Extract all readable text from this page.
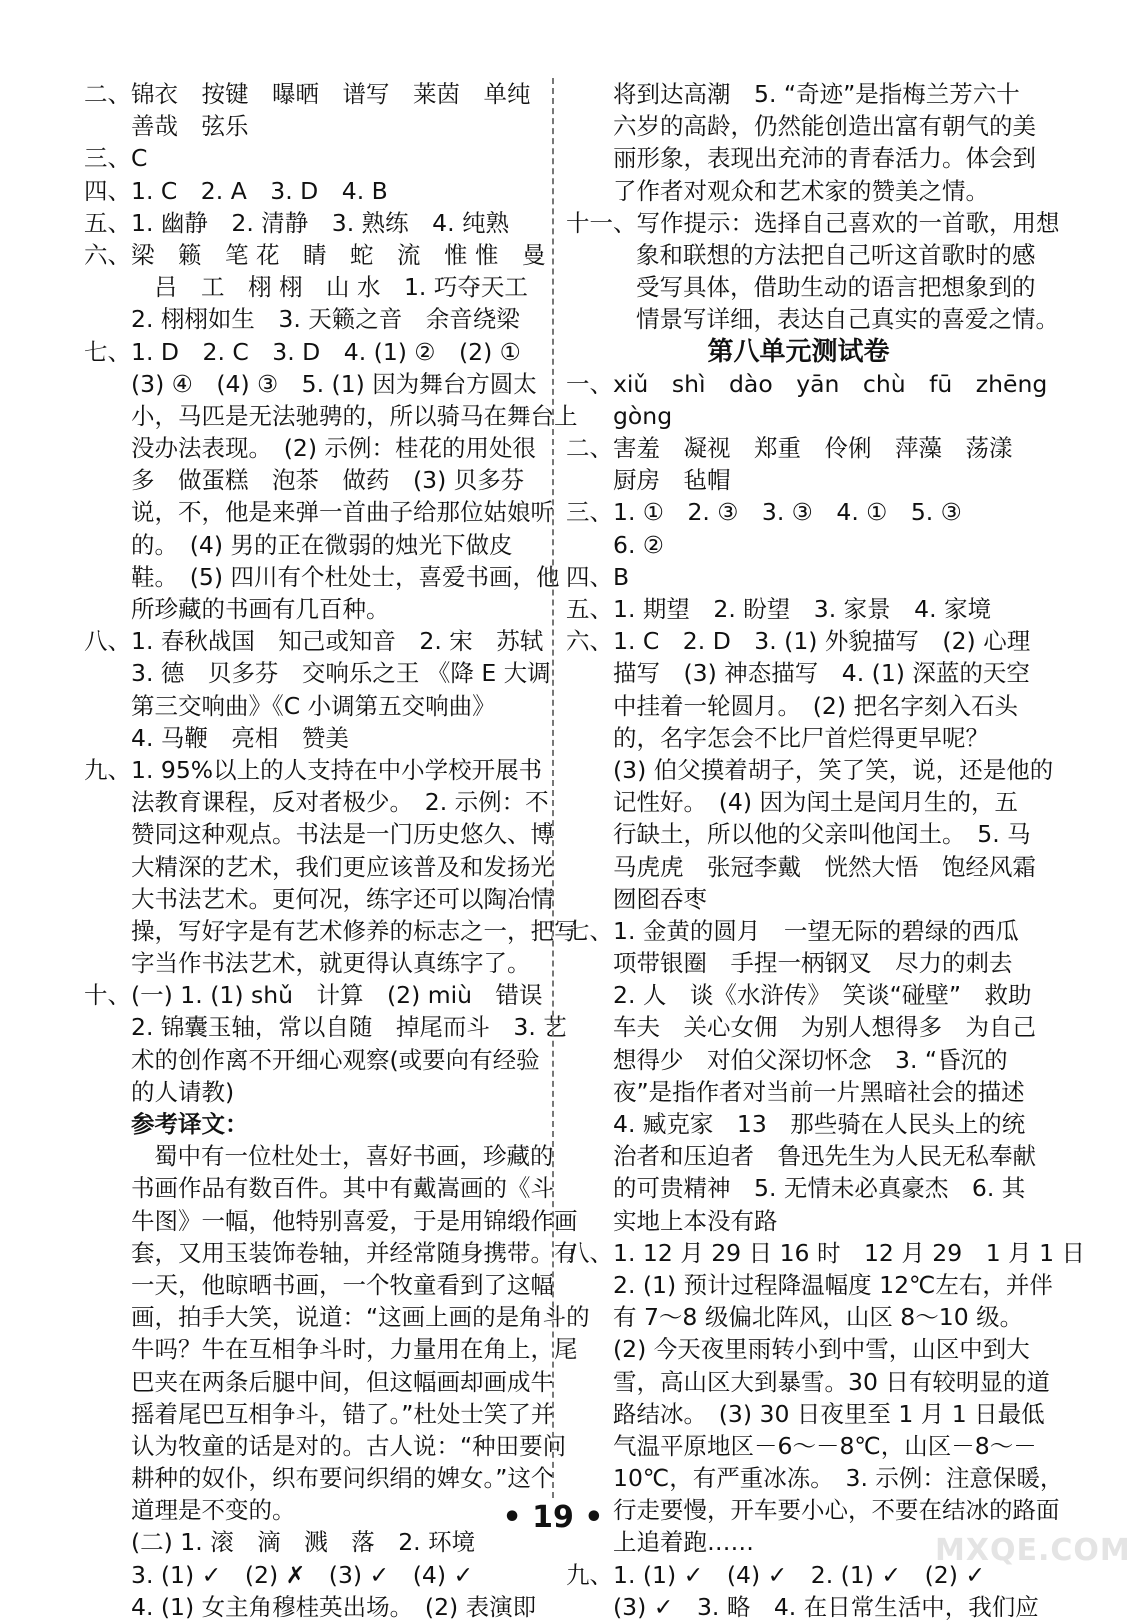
二、锦衣　按键　曝晒　谱写　莱茵　单纯
善哉　弦乐
三、C
四、1. C　2. A　3. D　4. B
五、1. 幽静　2. 清静　3. 熟练　4. 纯熟
六、梁　籁　笔 花　睛　蛇　流　惟 惟　曼
吕　工　栩 栩　山 水　1. 巧夺天工
2. 栩栩如生　3. 天籁之音　余音绕梁
七、1. D　2. C　3. D　4. (1) ②　(2) ①
(3) ④　(4) ③　5. (1) 因为舞台方圆太
小，马匹是无法驰骋的，所以骑马在舞台上
没办法表现。　(2) 示例：桂花的用处很
多　做蛋糕　泡茶　做药　(3) 贝多芬
说，不，他是来弹一首曲子给那位姑娘听
的。　(4) 男的正在微弱的烛光下做皮
鞋。　(5) 四川有个杜处士，喜爱书画，他
所珍藏的书画有几百种。
八、1. 春秋战国　知己或知音　2. 宋　苏轼
3. 德　贝多芬　交响乐之王 《降 E 大调
第三交响曲》《C 小调第五交响曲》
4. 马鞭　亮相　赞美
九、1. 95%以上的人支持在中小学校开展书
法教育课程，反对者极少。　2. 示例：不
赞同这种观点。书法是一门历史悠久、博
大精深的艺术，我们更应该普及和发扬光
大书法艺术。更何况，练字还可以陶冶情
操，写好字是有艺术修养的标志之一，把写
字当作书法艺术，就更得认真练字了。
十、(一) 1. (1) shǔ　计算　(2) miù　错误
2. 锦囊玉轴，常以自随　掉尾而斗　3. 艺
术的创作离不开细心观察(或要向有经验
的人请教)
参考译文：
蜀中有一位杜处士，喜好书画，珍藏的
书画作品有数百件。其中有戴嵩画的《斗
牛图》一幅，他特别喜爱，于是用锦缎作画
套，又用玉装饰卷轴，并经常随身携带。有
一天，他晾晒书画，一个牧童看到了这幅
画，拍手大笑，说道：“这画上画的是角斗的
牛吗？牛在互相争斗时，力量用在角上，尾
巴夹在两条后腿中间，但这幅画却画成牛
摇着尾巴互相争斗，错了。”杜处士笑了并
认为牧童的话是对的。古人说：“种田要问
耕种的奴仆，织布要问织绢的婢女。”这个
道理是不变的。
(二) 1. 滚　滴　溅　落　2. 环境
3. (1) ✓　(2) ✗　(3) ✓　(4) ✓
4. (1) 女主角穆桂英出场。　(2) 表演即
将到达高潮　5. “奇迹”是指梅兰芳六十
六岁的高龄，仍然能创造出富有朝气的美
丽形象，表现出充沛的青春活力。体会到
了作者对观众和艺术家的赞美之情。
十一、写作提示：选择自己喜欢的一首歌，用想
象和联想的方法把自己听这首歌时的感
受写具体，借助生动的语言把想象到的
情景写详细，表达自己真实的喜爱之情。
第八单元测试卷
一、xiǔ　shì　dào　yān　chù　fū　zhēng
gòng
二、害羞　凝视　郑重　伶俐　萍藻　荡漾
厨房　毡帽
三、1. ①　2. ③　3. ③　4. ①　5. ③
6. ②
四、B
五、1. 期望　2. 盼望　3. 家景　4. 家境
六、1. C　2. D　3. (1) 外貌描写　(2) 心理
描写　(3) 神态描写　4. (1) 深蓝的天空
中挂着一轮圆月。　(2) 把名字刻入石头
的，名字怎会不比尸首烂得更早呢？
(3) 伯父摸着胡子，笑了笑，说，还是他的
记性好。　(4) 因为闰土是闰月生的，五
行缺土，所以他的父亲叫他闰土。　5. 马
马虎虎　张冠李戴　恍然大悟　饱经风霜
囫囵吞枣
七、1. 金黄的圆月　一望无际的碧绿的西瓜
项带银圈　手捏一柄钢叉　尽力的刺去
2. 人　谈《水浒传》　笑谈“碰壁”　救助
车夫　关心女佣　为别人想得多　为自己
想得少　对伯父深切怀念　3. “昏沉的
夜”是指作者对当前一片黑暗社会的描述
4. 臧克家　13　那些骑在人民头上的统
治者和压迫者　鲁迅先生为人民无私奉献
的可贵精神　5. 无情未必真豪杰　6. 其
实地上本没有路
八、1. 12 月 29 日 16 时　12 月 29　1 月 1 日
2. (1) 预计过程降温幅度 12℃左右，并伴
有 7～8 级偏北阵风，山区 8～10 级。
(2) 今天夜里雨转小到中雪，山区中到大
雪，高山区大到暴雪。30 日有较明显的道
路结冰。　(3) 30 日夜里至 1 月 1 日最低
气温平原地区－6～－8℃，山区－8～－
10℃，有严重冰冻。　3. 示例：注意保暖，
行走要慢，开车要小心，不要在结冰的路面
上追着跑……
九、1. (1) ✓　(4) ✓　2. (1) ✓　(2) ✓
(3) ✓　3. 略　4. 在日常生活中，我们应
• 19 •
MXQE.COM
